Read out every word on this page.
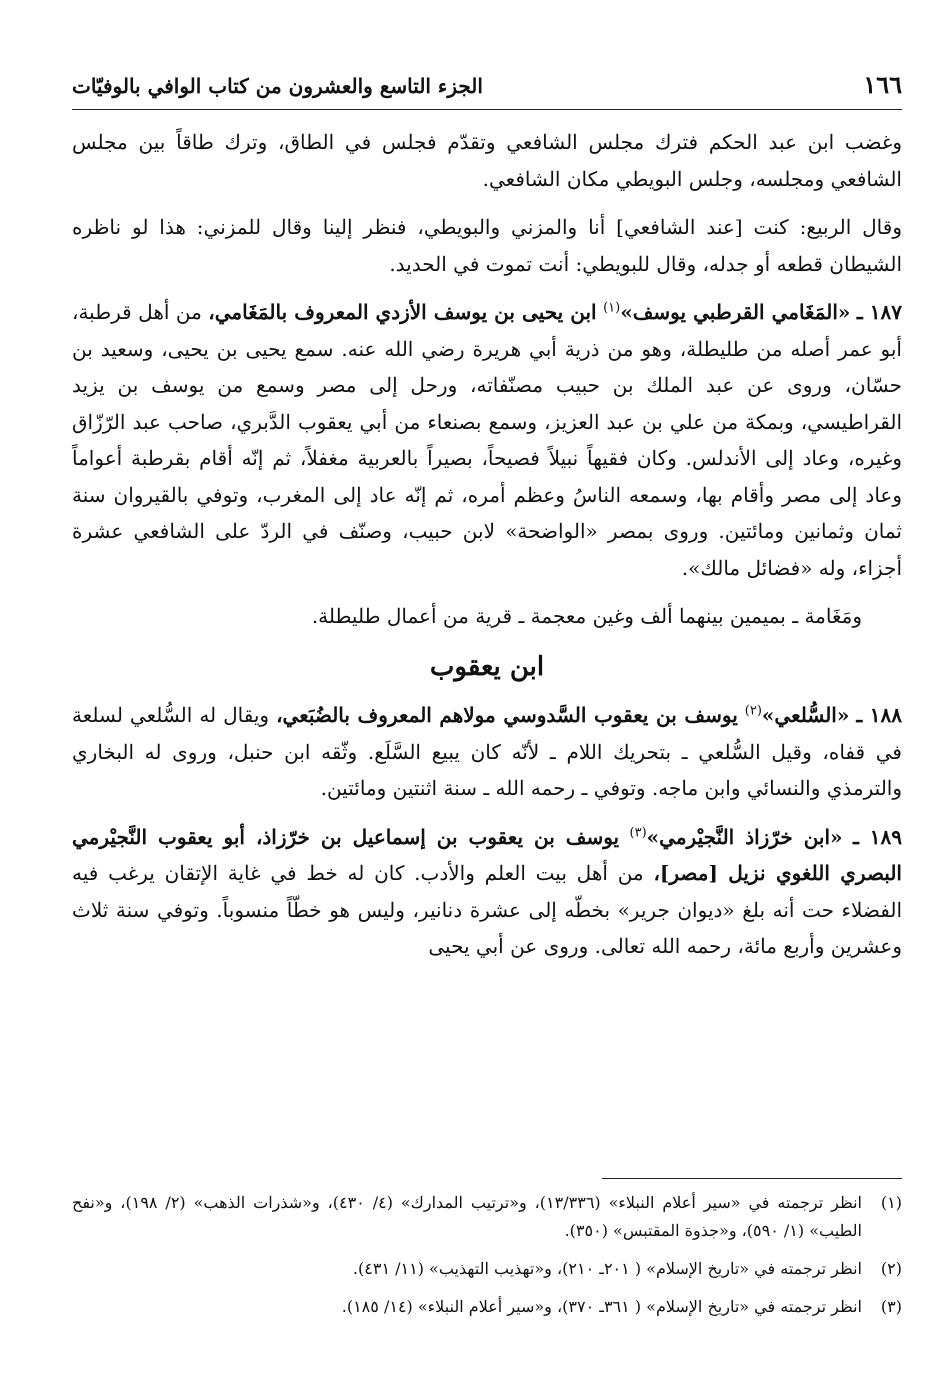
١٦٦
الجزء التاسع والعشرون من كتاب الوافي بالوفيّات

وغضب ابن عبد الحكم فترك مجلس الشافعي وتقدّم فجلس في الطاق، وترك طاقاً بين مجلس الشافعي ومجلسه، وجلس البويطي مكان الشافعي.

وقال الربيع: كنت [عند الشافعي] أنا والمزني والبويطي، فنظر إلينا وقال للمزني: هذا لو ناظره الشيطان قطعه أو جدله، وقال للبويطي: أنت تموت في الحديد.

١٨٧ ـ «المَغَامي القرطبي يوسف»$^{(١)}$ ابن يحيى بن يوسف الأزدي المعروف بالمَغَامي، من أهل قرطبة، أبو عمر أصله من طليطلة، وهو من ذرية أبي هريرة رضي الله عنه. سمع يحيى بن يحيى، وسعيد بن حسّان، وروى عن عبد الملك بن حبيب مصنّفاته، ورحل إلى مصر وسمع من يوسف بن يزيد القراطيسي، وبمكة من علي بن عبد العزيز، وسمع بصنعاء من أبي يعقوب الدَّبري، صاحب عبد الرّزّاق وغيره، وعاد إلى الأندلس. وكان فقيهاً نبيلاً فصيحاً، بصيراً بالعربية مغفلاً، ثم إنّه أقام بقرطبة أعواماً وعاد إلى مصر وأقام بها، وسمعه الناسُ وعظم أمره، ثم إنّه عاد إلى المغرب، وتوفي بالقيروان سنة ثمان وثمانين ومائتين. وروى بمصر «الواضحة» لابن حبيب، وصنّف في الردّ على الشافعي عشرة أجزاء، وله «فضائل مالك».

ومَغَامة ـ بميمين بينهما ألف وغين معجمة ـ قرية من أعمال طليطلة.

ابن يعقوب

١٨٨ ـ «السُّلعي»$^{(٢)}$ يوسف بن يعقوب السَّدوسي مولاهم المعروف بالضُبَعي، ويقال له السُّلعي لسلعة في قفاه، وقيل السُّلعي ـ بتحريك اللام ـ لأنّه كان يبيع السَّلَع. وثّقه ابن حنبل، وروى له البخاري والترمذي والنسائي وابن ماجه. وتوفي ـ رحمه الله ـ سنة اثنتين ومائتين.

١٨٩ ـ «ابن خرّزاذ النَّجيْرمي»$^{(٣)}$ يوسف بن يعقوب بن إسماعيل بن خرّزاذ، أبو يعقوب النَّجيْرمي البصري اللغوي نزيل [مصر]، من أهل بيت العلم والأدب. كان له خط في غاية الإتقان يرغب فيه الفضلاء حت أنه بلغ «ديوان جرير» بخطّه إلى عشرة دنانير، وليس هو خطّاً منسوباً. وتوفي سنة ثلاث وعشرين وأربع مائة، رحمه الله تعالى. وروى عن أبي يحيى

(١)
انظر ترجمته في «سير أعلام النبلاء» (١٣/٣٣٦)، و«ترتيب المدارك» (٤/ ٤٣٠)، و«شذرات الذهب» (٢/ ١٩٨)، و«نفح الطيب» (١/ ٥٩٠)، و«جذوة المقتبس» (٣٥٠).
(٢)
انظر ترجمته في «تاريخ الإسلام» ( ٢٠١ـ ٢١٠)، و«تهذيب التهذيب» (١١/ ٤٣١).
(٣)
انظر ترجمته في «تاريخ الإسلام» ( ٣٦١ـ ٣٧٠)، و«سير أعلام النبلاء» (١٤/ ١٨٥).
